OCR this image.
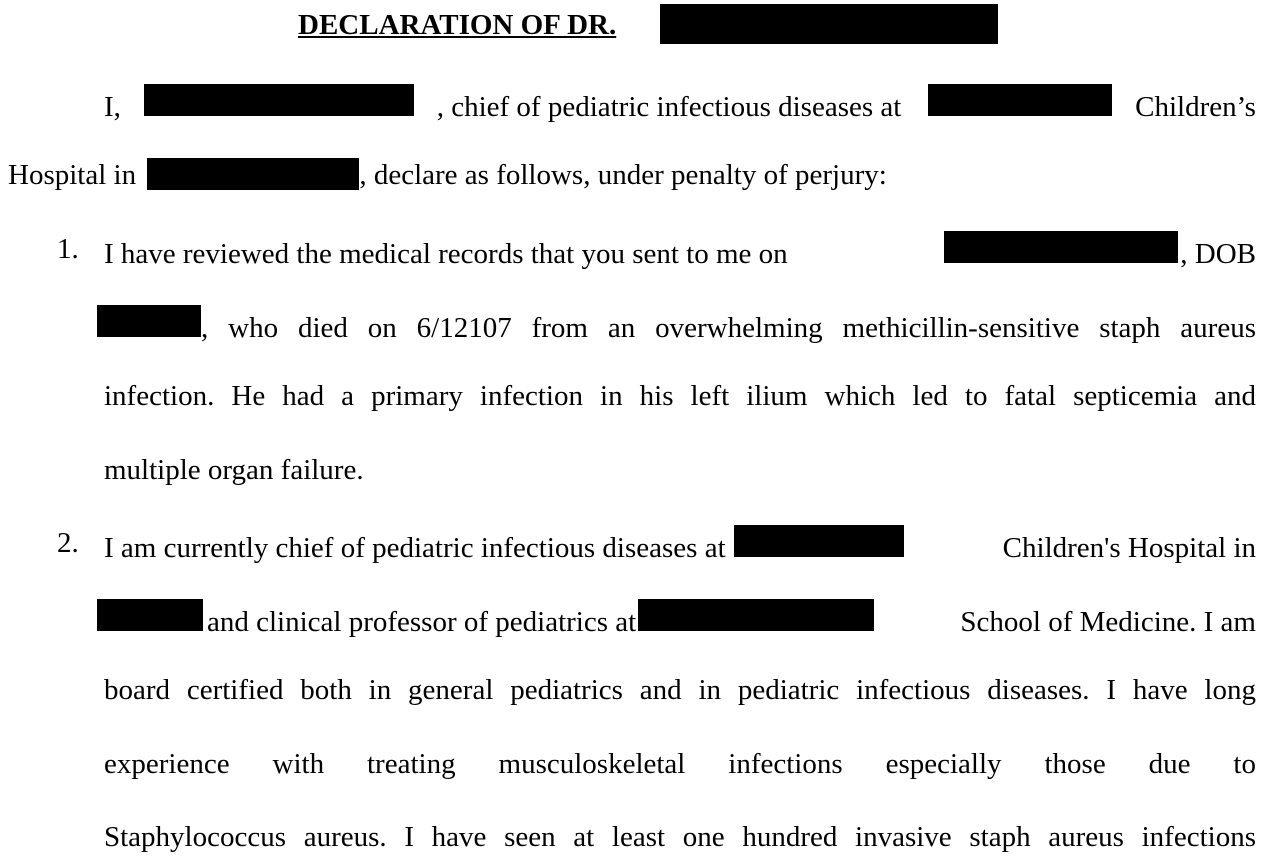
DECLARATION OF DR.
I,	, chief of pediatric infectious diseases at	Children’s
Hospital in	, declare as follows, under penalty of perjury:
1. I have reviewed the medical records that you sent to me on	, DOB
, who died on 6/12107 from an overwhelming methicillin-sensitive staph aureus
infection. He had a primary infection in his left ilium which led to fatal septicemia and
multiple organ failure.
2. I am currently chief of pediatric infectious diseases at	Children's Hospital in
and clinical professor of pediatrics at	School of Medicine. I am
board certified both in general pediatrics and in pediatric infectious diseases. I have long
experience with treating musculoskeletal infections especially those due to
Staphylococcus aureus. I have seen at least one hundred invasive staph aureus infections
